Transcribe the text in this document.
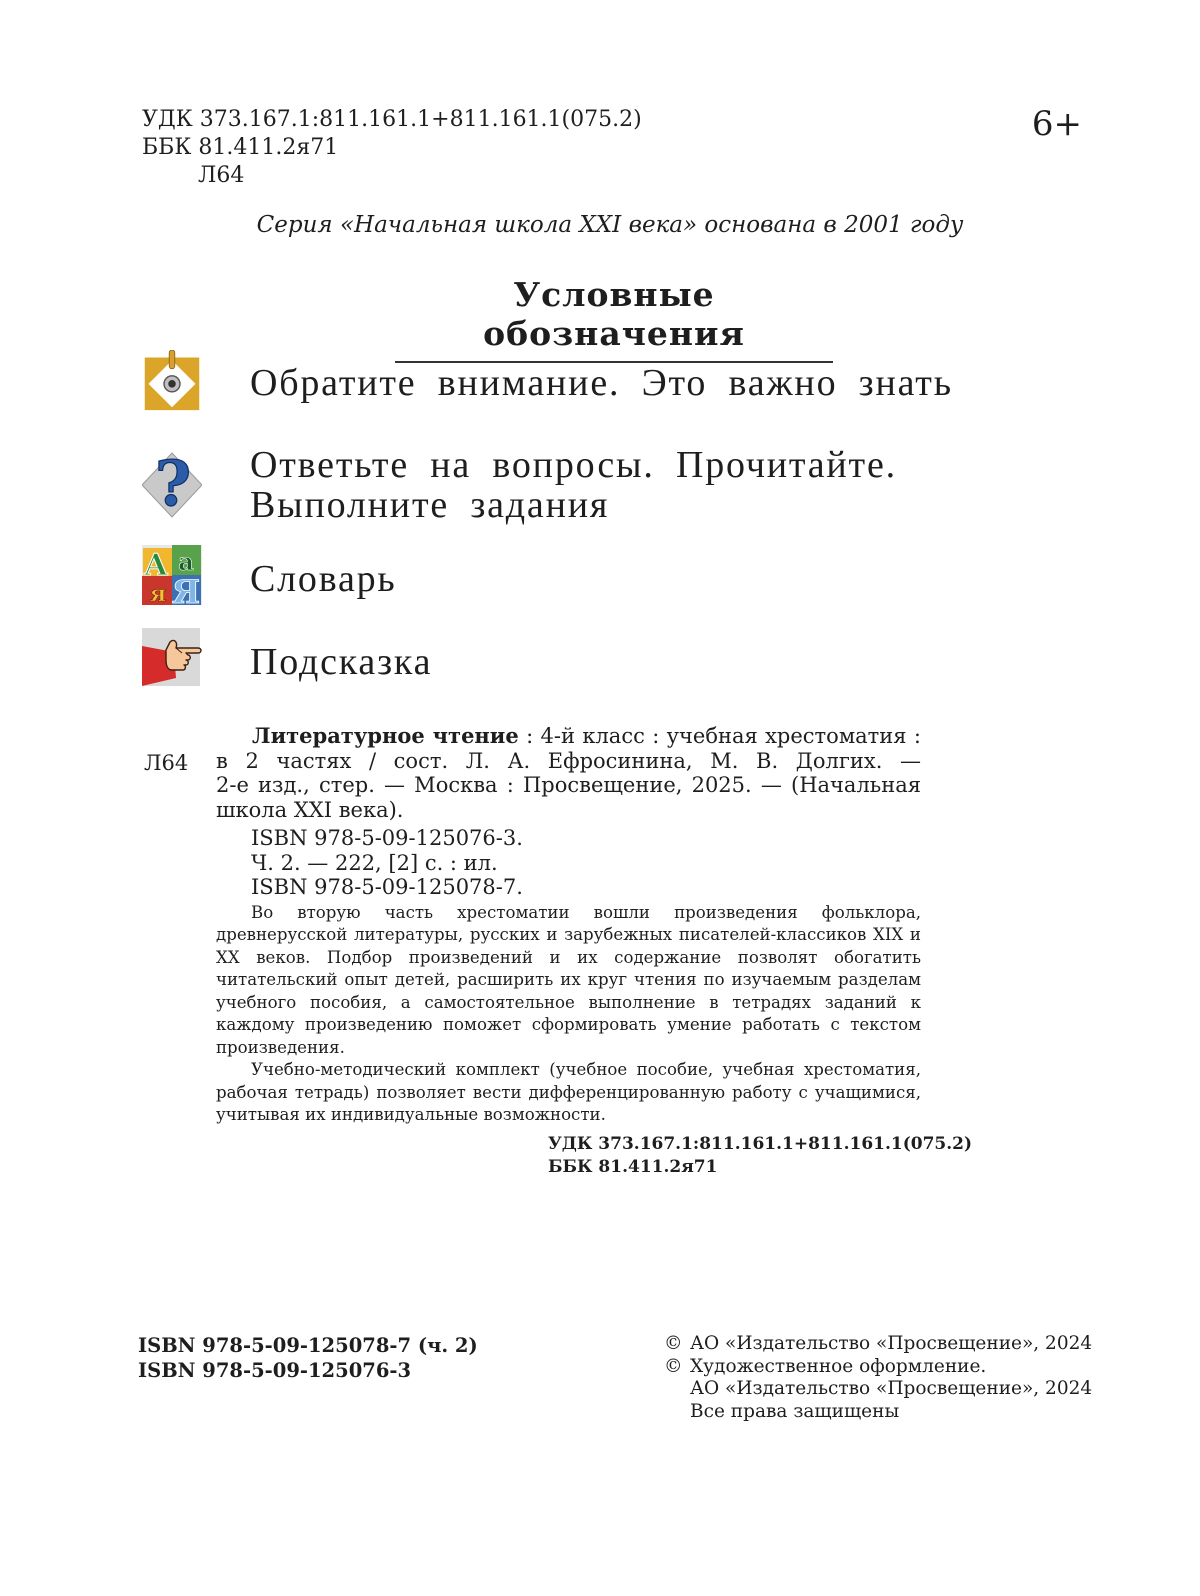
УДК 373.167.1:811.161.1+811.161.1(075.2)
ББК 81.411.2я71
Л64
6+
Серия «Начальная школа XXI века» основана в 2001 году
Условные обозначения
Обратите внимание. Это важно знать
? Ответьте на вопросы. Прочитайте.
Выполните задания
А а
я Я Словарь
Подсказка
Л64

Литературное чтение : 4-й класс : учебная хрестоматия :

в 2 частях / сост. Л. А. Ефросинина, М. В. Долгих. —

2-е изд., стер. — Москва : Просвещение, 2025. — (Начальная

школа XXI века).

ISBN 978-5-09-125076-3.

Ч. 2. — 222, [2] с. : ил.

ISBN 978-5-09-125078-7.

Во вторую часть хрестоматии вошли произведения фольклора, древнерусской литературы, русских и зарубежных писателей-классиков XIX и XX веков. Подбор произведений и их содержание позволят обогатить читательский опыт детей, расширить их круг чтения по изучаемым разделам учебного пособия, а самостоятельное выполнение в тетрадях заданий к каждому произведению поможет сформировать умение работать с текстом произведения.

Учебно-методический комплект (учебное пособие, учебная хрестоматия, рабочая тетрадь) позволяет вести дифференцированную работу с учащимися, учитывая их индивидуальные возможности.

УДК 373.167.1:811.161.1+811.161.1(075.2)
ББК 81.411.2я71
ISBN 978-5-09-125078-7 (ч. 2)
ISBN 978-5-09-125076-3
© АО «Издательство «Просвещение», 2024
© Художественное оформление.
АО «Издательство «Просвещение», 2024
Все права защищены
